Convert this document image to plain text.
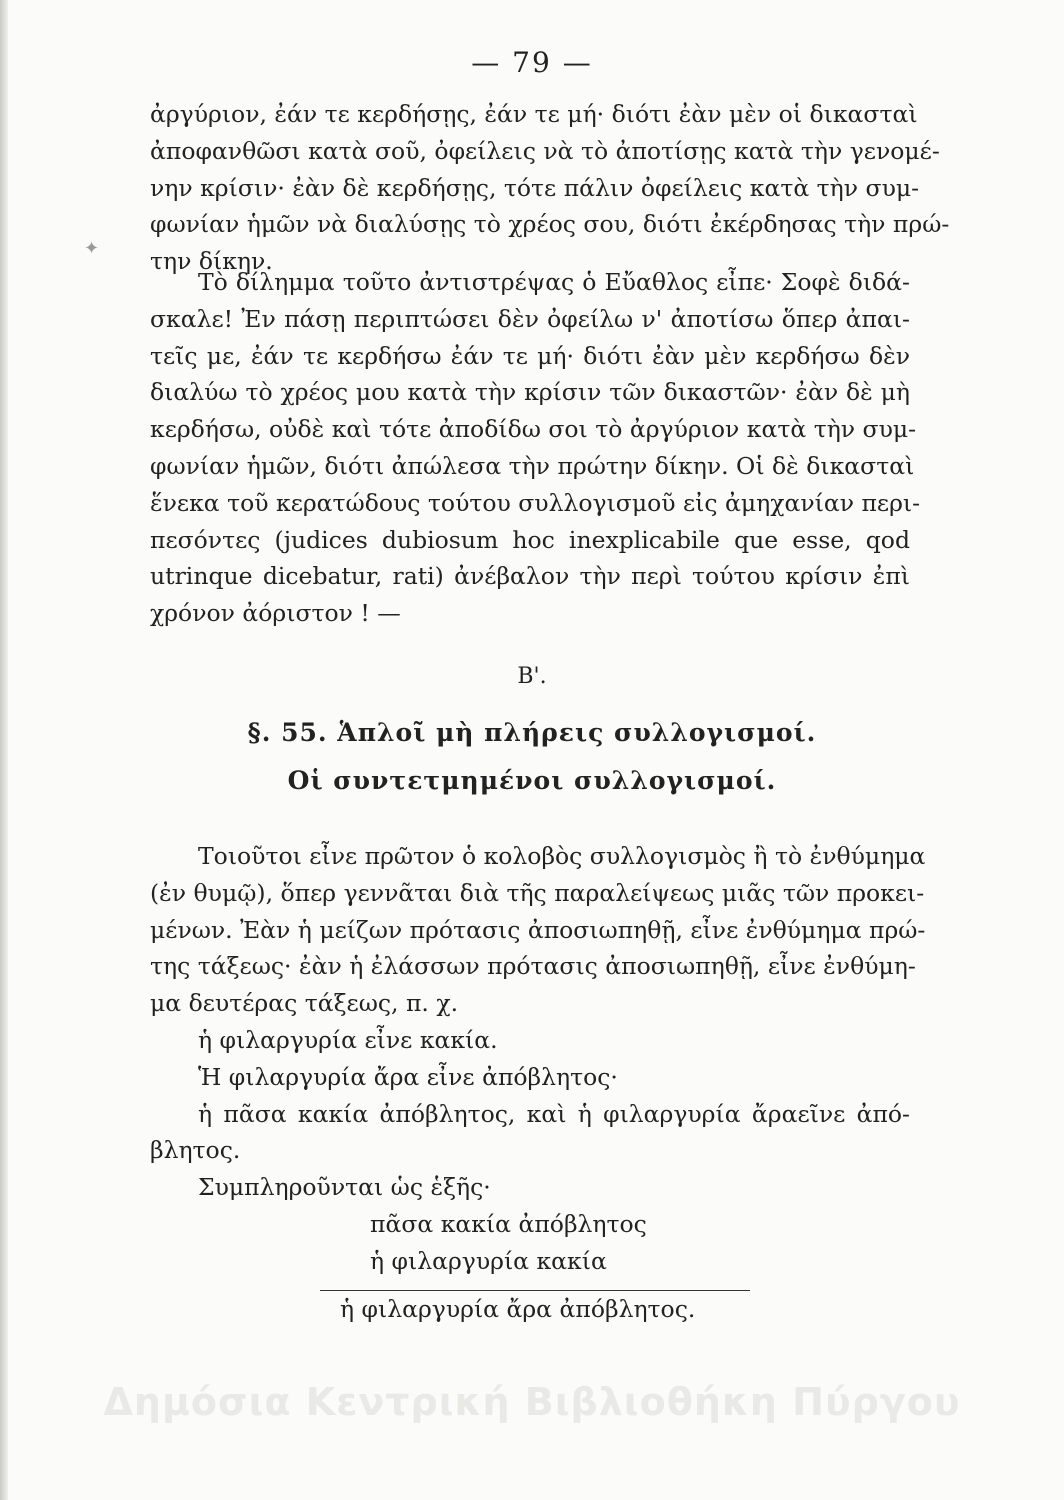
— 79 —
ἀργύριον, ἐάν τε κερδήσῃς, ἐάν τε μή· διότι ἐὰν μὲν οἱ δικασταὶ
ἀποφανθῶσι κατὰ σοῦ, ὀφείλεις νὰ τὸ ἀποτίσῃς κατὰ τὴν γενομέ-
νην κρίσιν· ἐὰν δὲ κερδήσῃς, τότε πάλιν ὀφείλεις κατὰ τὴν συμ-
φωνίαν ἡμῶν νὰ διαλύσῃς τὸ χρέος σου, διότι ἐκέρδησας τὴν πρώ-
την δίκην.
Τὸ δίλημμα τοῦτο ἀντιστρέψας ὁ Εὔαθλος εἶπε· Σοφὲ διδά-
σκαλε! Ἐν πάσῃ περιπτώσει δὲν ὀφείλω ν' ἀποτίσω ὅπερ ἀπαι-
τεῖς με, ἐάν τε κερδήσω ἐάν τε μή· διότι ἐὰν μὲν κερδήσω δὲν
διαλύω τὸ χρέος μου κατὰ τὴν κρίσιν τῶν δικαστῶν· ἐὰν δὲ μὴ
κερδήσω, οὐδὲ καὶ τότε ἀποδίδω σοι τὸ ἀργύριον κατὰ τὴν συμ-
φωνίαν ἡμῶν, διότι ἀπώλεσα τὴν πρώτην δίκην. Οἱ δὲ δικασταὶ
ἕνεκα τοῦ κερατώδους τούτου συλλογισμοῦ εἰς ἀμηχανίαν περι-
πεσόντες (judices dubiosum hoc inexplicabile que esse, qod
utrinque dicebatur, rati) ἀνέβαλον τὴν περὶ τούτου κρίσιν ἐπὶ
χρόνον ἀόριστον ! —
Β'.
§. 55. Ἁπλοῖ μὴ πλήρεις συλλογισμοί.
Οἱ συντετμημένοι συλλογισμοί.
Τοιοῦτοι εἶνε πρῶτον ὁ κολοβὸς συλλογισμὸς ἢ τὸ ἐνθύμημα
(ἐν θυμῷ), ὅπερ γεννᾶται διὰ τῆς παραλείψεως μιᾶς τῶν προκει-
μένων. Ἐὰν ἡ μείζων πρότασις ἀποσιωπηθῇ, εἶνε ἐνθύμημα πρώ-
της τάξεως· ἐὰν ἡ ἐλάσσων πρότασις ἀποσιωπηθῇ, εἶνε ἐνθύμη-
μα δευτέρας τάξεως, π. χ.
ἡ φιλαργυρία εἶνε κακία.
Ἡ φιλαργυρία ἄρα εἶνε ἀπόβλητος·
ἡ πᾶσα κακία ἀπόβλητος, καὶ ἡ φιλαργυρία ἄραεῖνε ἀπό-
βλητος.
Συμπληροῦνται ὡς ἑξῆς·
πᾶσα κακία ἀπόβλητος
ἡ φιλαργυρία κακία
ἡ φιλαργυρία ἄρα ἀπόβλητος.
Δημόσια Κεντρική Βιβλιοθήκη Πύργου
✦
